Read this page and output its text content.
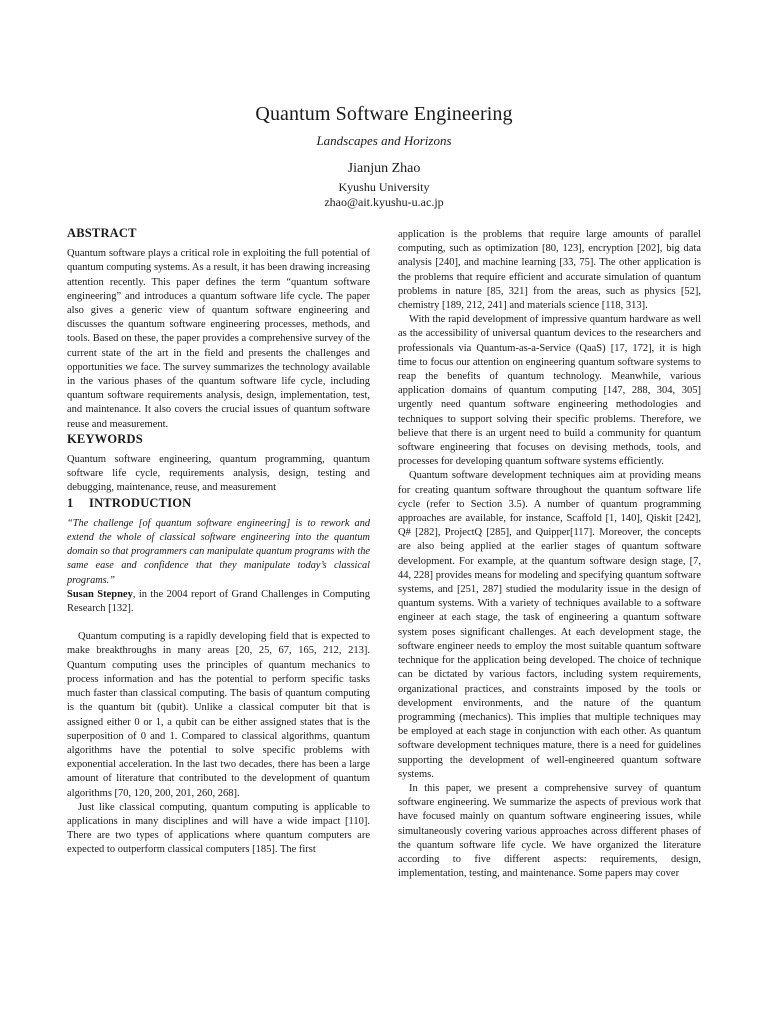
Quantum Software Engineering
Landscapes and Horizons
Jianjun Zhao
Kyushu University
zhao@ait.kyushu-u.ac.jp
ABSTRACT

Quantum software plays a critical role in exploiting the full potential of quantum computing systems. As a result, it has been drawing increasing attention recently. This paper defines the term “quantum software engineering” and introduces a quantum software life cycle. The paper also gives a generic view of quantum software engineering and discusses the quantum software engineering processes, methods, and tools. Based on these, the paper provides a comprehensive survey of the current state of the art in the field and presents the challenges and opportunities we face. The survey summarizes the technology available in the various phases of the quantum software life cycle, including quantum software requirements analysis, design, implementation, test, and maintenance. It also covers the crucial issues of quantum software reuse and measurement.

KEYWORDS

Quantum software engineering, quantum programming, quantum software life cycle, requirements analysis, design, testing and debugging, maintenance, reuse, and measurement

1 INTRODUCTION

“The challenge [of quantum software engineering] is to rework and extend the whole of classical software engineering into the quantum domain so that programmers can manipulate quantum programs with the same ease and confidence that they manipulate today’s classical programs.”

Susan Stepney, in the 2004 report of Grand Challenges in Computing Research [132].

Quantum computing is a rapidly developing field that is expected to make breakthroughs in many areas [20, 25, 67, 165, 212, 213]. Quantum computing uses the principles of quantum mechanics to process information and has the potential to perform specific tasks much faster than classical computing. The basis of quantum computing is the quantum bit (qubit). Unlike a classical computer bit that is assigned either 0 or 1, a qubit can be either assigned states that is the superposition of 0 and 1. Compared to classical algorithms, quantum algorithms have the potential to solve specific problems with exponential acceleration. In the last two decades, there has been a large amount of literature that contributed to the development of quantum algorithms [70, 120, 200, 201, 260, 268].

Just like classical computing, quantum computing is applicable to applications in many disciplines and will have a wide impact [110]. There are two types of applications where quantum computers are expected to outperform classical computers [185]. The first

application is the problems that require large amounts of parallel computing, such as optimization [80, 123], encryption [202], big data analysis [240], and machine learning [33, 75]. The other application is the problems that require efficient and accurate simulation of quantum problems in nature [85, 321] from the areas, such as physics [52], chemistry [189, 212, 241] and materials science [118, 313].

With the rapid development of impressive quantum hardware as well as the accessibility of universal quantum devices to the researchers and professionals via Quantum-as-a-Service (QaaS) [17, 172], it is high time to focus our attention on engineering quantum software systems to reap the benefits of quantum technology. Meanwhile, various application domains of quantum computing [147, 288, 304, 305] urgently need quantum software engineering methodologies and techniques to support solving their specific problems. Therefore, we believe that there is an urgent need to build a community for quantum software engineering that focuses on devising methods, tools, and processes for developing quantum software systems efficiently.

Quantum software development techniques aim at providing means for creating quantum software throughout the quantum software life cycle (refer to Section 3.5). A number of quantum programming approaches are available, for instance, Scaffold [1, 140], Qiskit [242], Q# [282], ProjectQ [285], and Quipper[117]. Moreover, the concepts are also being applied at the earlier stages of quantum software development. For example, at the quantum software design stage, [7, 44, 228] provides means for modeling and specifying quantum software systems, and [251, 287] studied the modularity issue in the design of quantum systems. With a variety of techniques available to a software engineer at each stage, the task of engineering a quantum software system poses significant challenges. At each development stage, the software engineer needs to employ the most suitable quantum software technique for the application being developed. The choice of technique can be dictated by various factors, including system requirements, organizational practices, and constraints imposed by the tools or development environments, and the nature of the quantum programming (mechanics). This implies that multiple techniques may be employed at each stage in conjunction with each other. As quantum software development techniques mature, there is a need for guidelines supporting the development of well-engineered quantum software systems.

In this paper, we present a comprehensive survey of quantum software engineering. We summarize the aspects of previous work that have focused mainly on quantum software engineering issues, while simultaneously covering various approaches across different phases of the quantum software life cycle. We have organized the literature according to five different aspects: requirements, design, implementation, testing, and maintenance. Some papers may cover
